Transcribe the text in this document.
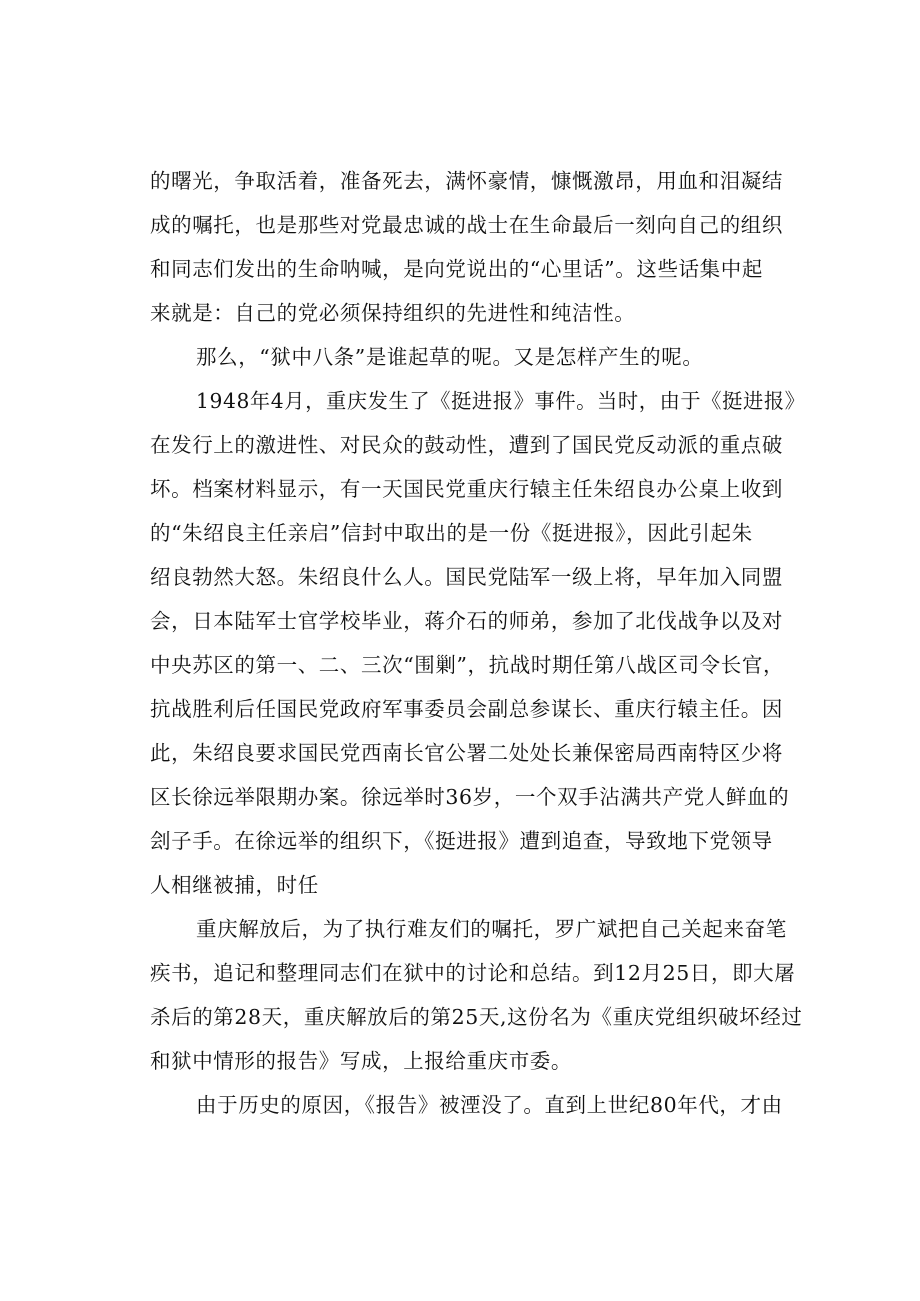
的曙光，争取活着，准备死去，满怀豪情，慷慨激昂，用血和泪凝结

成的嘱托，也是那些对党最忠诚的战士在生命最后一刻向自己的组织

和同志们发出的生命呐喊，是向党说出的“心里话”。这些话集中起

来就是：自己的党必须保持组织的先进性和纯洁性。

那么，“狱中八条”是谁起草的呢。又是怎样产生的呢。

1948年4月，重庆发生了《挺进报》事件。当时，由于《挺进报》

在发行上的激进性、对民众的鼓动性，遭到了国民党反动派的重点破

坏。档案材料显示，有一天国民党重庆行辕主任朱绍良办公桌上收到

的“朱绍良主任亲启”信封中取出的是一份《挺进报》，因此引起朱

绍良勃然大怒。朱绍良什么人。国民党陆军一级上将，早年加入同盟

会，日本陆军士官学校毕业，蒋介石的师弟，参加了北伐战争以及对

中央苏区的第一、二、三次“围剿”，抗战时期任第八战区司令长官，

抗战胜利后任国民党政府军事委员会副总参谋长、重庆行辕主任。因

此，朱绍良要求国民党西南长官公署二处处长兼保密局西南特区少将

区长徐远举限期办案。徐远举时36岁，一个双手沾满共产党人鲜血的

刽子手。在徐远举的组织下，《挺进报》遭到追查，导致地下党领导

人相继被捕，时任

重庆解放后，为了执行难友们的嘱托，罗广斌把自己关起来奋笔

疾书，追记和整理同志们在狱中的讨论和总结。到12月25日，即大屠

杀后的第28天，重庆解放后的第25天,这份名为《重庆党组织破坏经过

和狱中情形的报告》写成，上报给重庆市委。

由于历史的原因，《报告》被湮没了。直到上世纪80年代，才由
